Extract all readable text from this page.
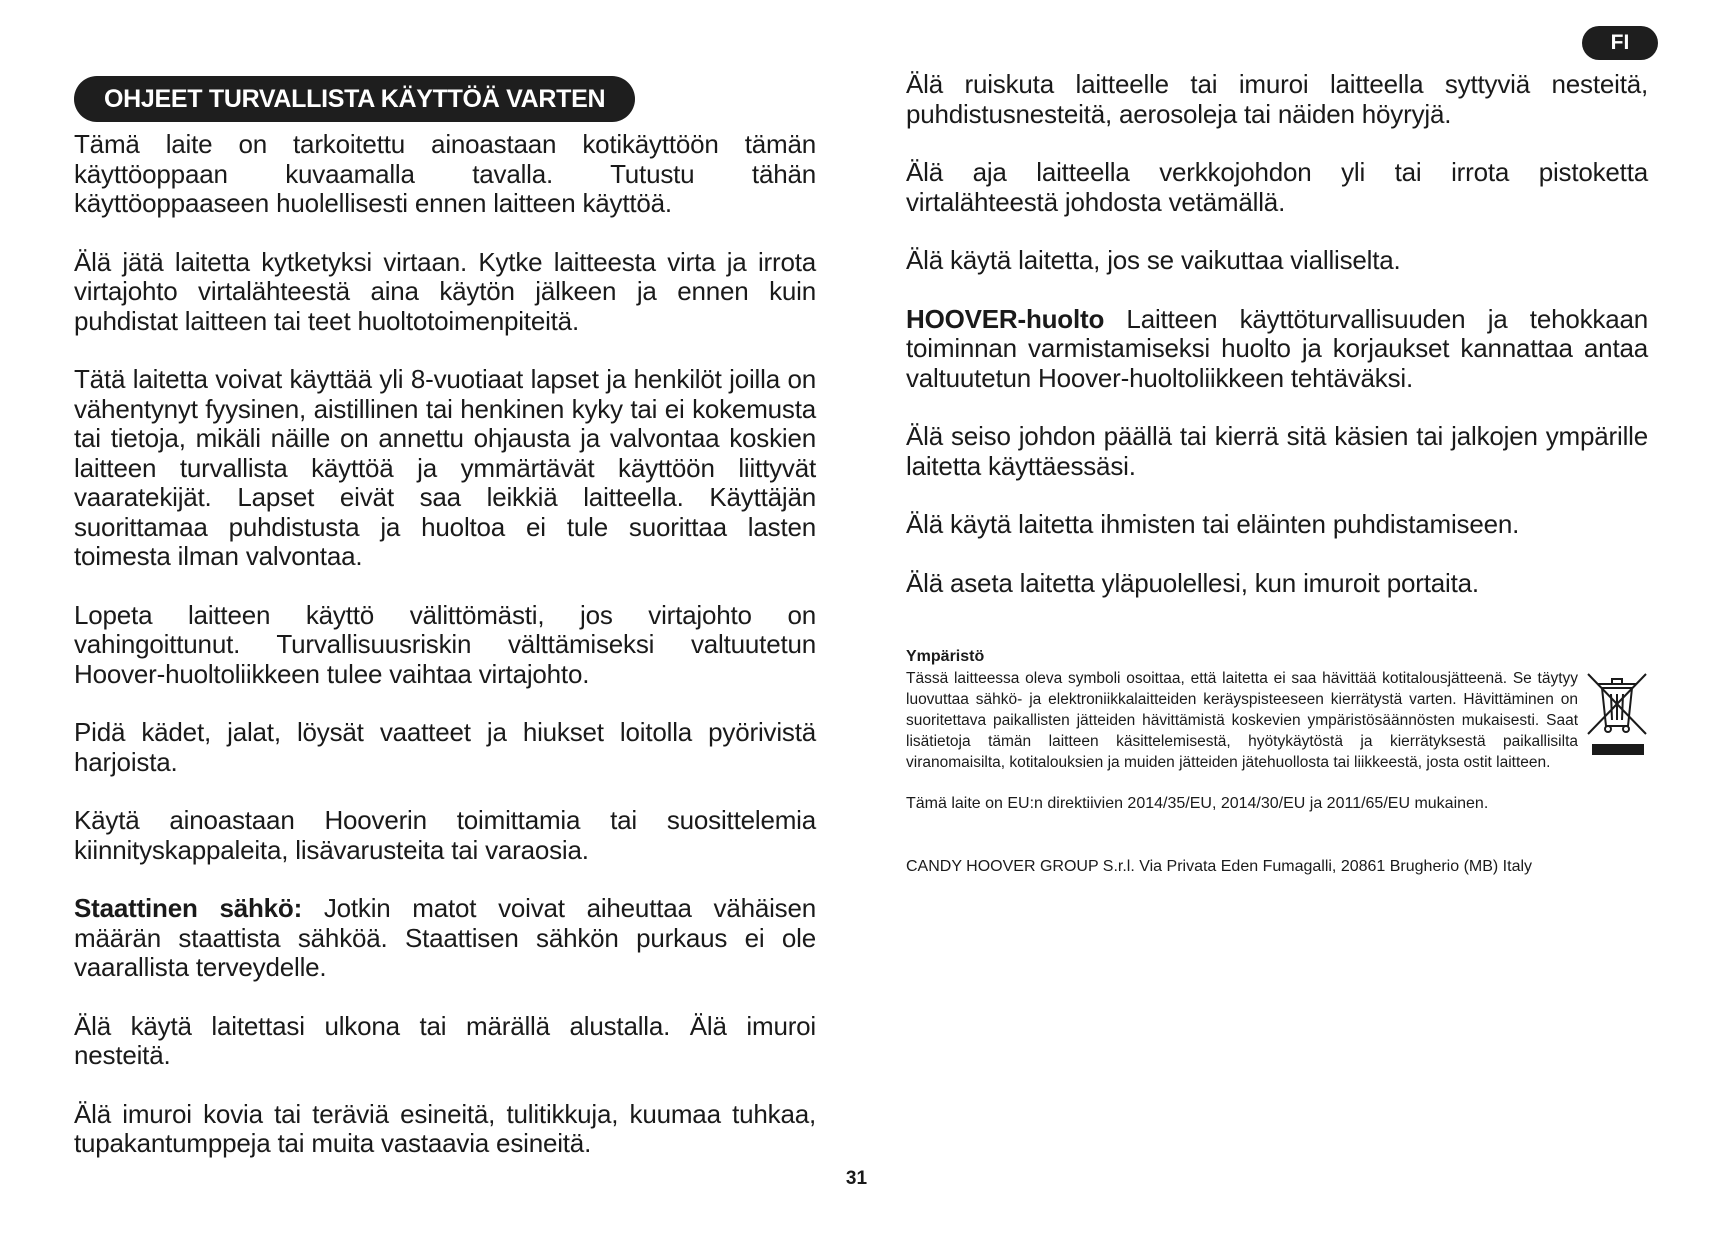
FI
OHJEET TURVALLISTA KÄYTTÖÄ VARTEN

Tämä laite on tarkoitettu ainoastaan kotikäyttöön tämän käyttöoppaan kuvaamalla tavalla. Tutustu tähän käyttöoppaaseen huolellisesti ennen laitteen käyttöä.

Älä jätä laitetta kytketyksi virtaan. Kytke laitteesta virta ja irrota virtajohto virtalähteestä aina käytön jälkeen ja ennen kuin puhdistat laitteen tai teet huoltotoimenpiteitä.

Tätä laitetta voivat käyttää yli 8-vuotiaat lapset ja henkilöt joilla on vähentynyt fyysinen, aistillinen tai henkinen kyky tai ei kokemusta tai tietoja, mikäli näille on annettu ohjausta ja valvontaa koskien laitteen turvallista käyttöä ja ymmärtävät käyttöön liittyvät vaaratekijät. Lapset eivät saa leikkiä laitteella. Käyttäjän suorittamaa puhdistusta ja huoltoa ei tule suorittaa lasten toimesta ilman valvontaa.

Lopeta laitteen käyttö välittömästi, jos virtajohto on vahingoittunut. Turvallisuusriskin välttämiseksi valtuutetun Hoover-huoltoliikkeen tulee vaihtaa virtajohto.

Pidä kädet, jalat, löysät vaatteet ja hiukset loitolla pyörivistä harjoista.

Käytä ainoastaan Hooverin toimittamia tai suosittelemia kiinnityskappaleita, lisävarusteita tai varaosia.

Staattinen sähkö: Jotkin matot voivat aiheuttaa vähäisen määrän staattista sähköä. Staattisen sähkön purkaus ei ole vaarallista terveydelle.

Älä käytä laitettasi ulkona tai märällä alustalla. Älä imuroi nesteitä.

Älä imuroi kovia tai teräviä esineitä, tulitikkuja, kuumaa tuhkaa, tupakantumppeja tai muita vastaavia esineitä.

Älä ruiskuta laitteelle tai imuroi laitteella syttyviä nesteitä, puhdistusnesteitä, aerosoleja tai näiden höyryjä.

Älä aja laitteella verkkojohdon yli tai irrota pistoketta virtalähteestä johdosta vetämällä.

Älä käytä laitetta, jos se vaikuttaa vialliselta.

HOOVER-huolto Laitteen käyttöturvallisuuden ja tehokkaan toiminnan varmistamiseksi huolto ja korjaukset kannattaa antaa valtuutetun Hoover-huoltoliikkeen tehtäväksi.

Älä seiso johdon päällä tai kierrä sitä käsien tai jalkojen ympärille laitetta käyttäessäsi.

Älä käytä laitetta ihmisten tai eläinten puhdistamiseen.

Älä aseta laitetta yläpuolellesi, kun imuroit portaita.

Ympäristö

Tässä laitteessa oleva symboli osoittaa, että laitetta ei saa hävittää kotitalousjätteenä. Se täytyy luovuttaa sähkö- ja elektroniikkalaitteiden keräyspisteeseen kierrätystä varten. Hävittäminen on suoritettava paikallisten jätteiden hävittämistä koskevien ympäristösäännösten mukaisesti. Saat lisätietoja tämän laitteen käsittelemisestä, hyötykäytöstä ja kierrätyksestä paikallisilta viranomaisilta, kotitalouksien ja muiden jätteiden jätehuollosta tai liikkeestä, josta ostit laitteen.

Tämä laite on EU:n direktiivien 2014/35/EU, 2014/30/EU ja 2011/65/EU mukainen.

CANDY HOOVER GROUP S.r.l. Via Privata Eden Fumagalli, 20861 Brugherio (MB) Italy

31
